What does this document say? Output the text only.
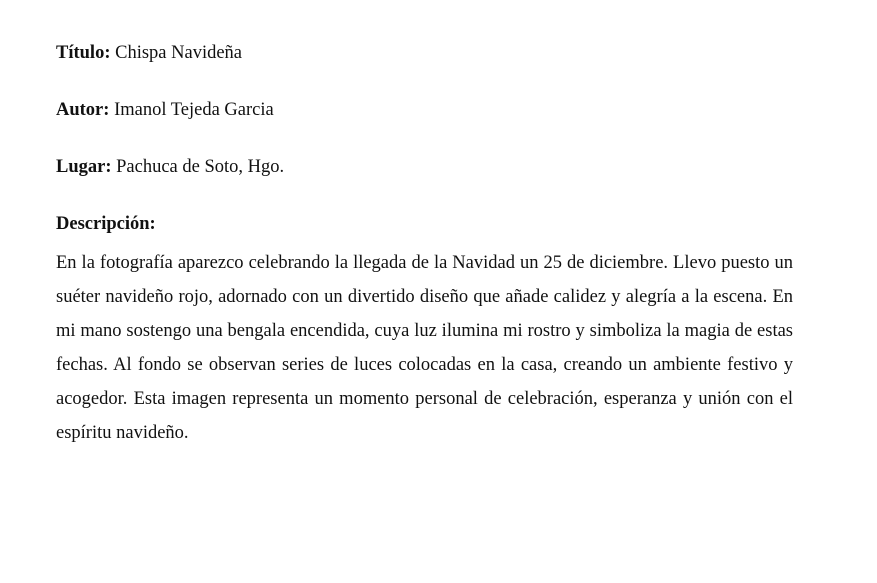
Título: Chispa Navideña
Autor: Imanol Tejeda Garcia
Lugar: Pachuca de Soto, Hgo.
Descripción:

En la fotografía aparezco celebrando la llegada de la Navidad un 25 de diciembre. Llevo puesto un suéter navideño rojo, adornado con un divertido diseño que añade calidez y alegría a la escena. En mi mano sostengo una bengala encendida, cuya luz ilumina mi rostro y simboliza la magia de estas fechas. Al fondo se observan series de luces colocadas en la casa, creando un ambiente festivo y acogedor. Esta imagen representa un momento personal de celebración, esperanza y unión con el espíritu navideño.
